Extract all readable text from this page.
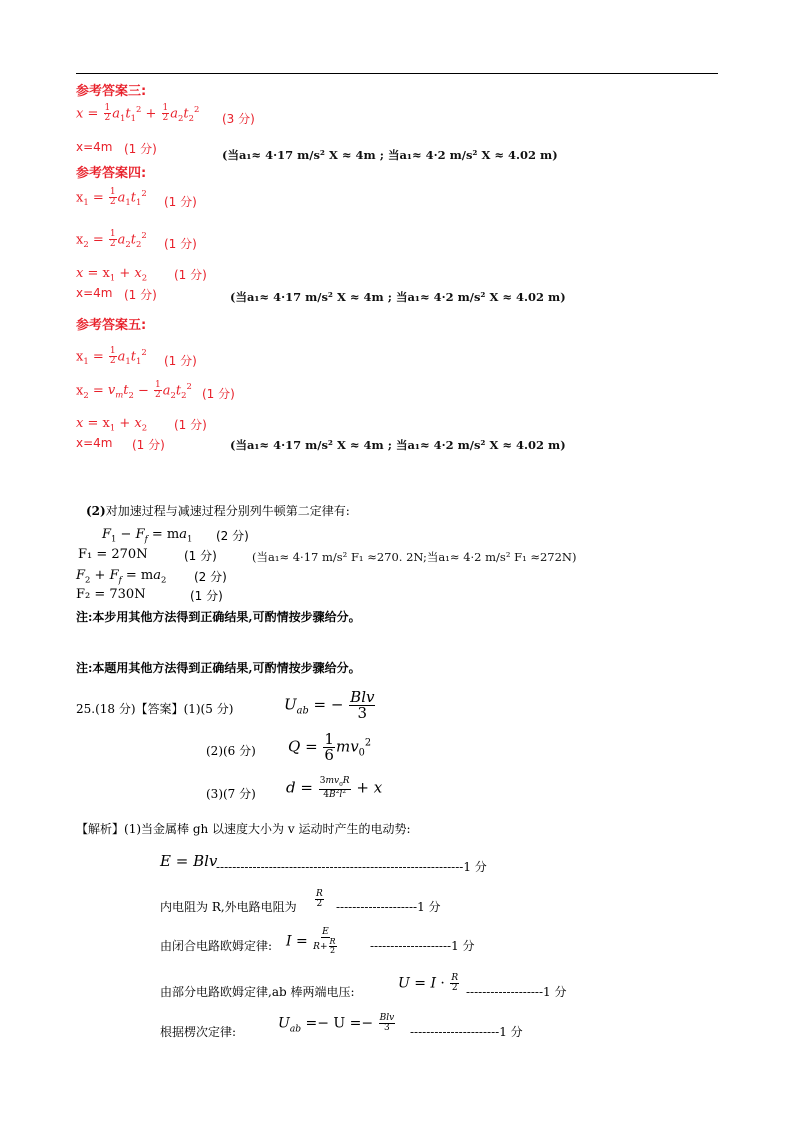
参考答案三:
$x = \frac{1}{2} a_1t_1^2 + \frac{1}{2} a_2t_2^2$
(3 分)
x=4m (1 分)	(当a₁≈ 4·17 m/s² X ≈ 4m ; 当a₁≈ 4·2 m/s² X ≈ 4.02 m)
参考答案四:
$x_1 = \frac{1}{2} a_1t_1^2$
(1 分)
$x_2 = \frac{1}{2} a_2t_2^2$
(1 分)
$x = x_1 + x_2$ (1 分)
x=4m (1 分)	(当a₁≈ 4·17 m/s² X ≈ 4m ; 当a₁≈ 4·2 m/s² X ≈ 4.02 m)
参考答案五:
$x_1 = \frac{1}{2} a_1t_1^2$
(1 分)
$x_2 = v_mt_2 - \frac{1}{2} a_2t_2^2$
(1 分)
$x = x_1 + x_2$ (1 分)
x=4m (1 分)	(当a₁≈ 4·17 m/s² X ≈ 4m ; 当a₁≈ 4·2 m/s² X ≈ 4.02 m)
(2)对加速过程与减速过程分别列牛顿第二定律有:
$F_1 - F_f = ma_1$ (2 分)
F₁ = 270N	(1 分)	(当a₁≈ 4·17 m/s² F₁ ≈270. 2N;当a₁≈ 4·2 m/s² F₁ ≈272N)
$F_2 + F_f = ma_2$ (2 分)
F₂ = 730N	(1 分)
注:本步用其他方法得到正确结果,可酌情按步骤给分。
注:本题用其他方法得到正确结果,可酌情按步骤给分。
25.(18 分)【答案】(1)(5 分)	$U_{ab}$ = − $\frac{\text{Blv}}{3}$
(2)(6 分) $Q = \frac{1}{6} mv_0^2$
(3)(7 分) $d = \frac{3mv_0R}{4B^2l^2} + x$
【解析】(1)当金属棒 gh 以速度大小为 v 运动时产生的电动势:
E = Blv
-------------------------------------------------------------1 分
内电阻为 R,外电路电阻为 $\frac{R}{2} --------------------1$ 分
由闭合电路欧姆定律: $I = \frac{E}{R+ \frac{R}{2}}$	--------------------1 分
由部分电路欧姆定律,ab 棒两端电压:
$U = I \cdot \frac{R}{2} -------------------1$ 分
根据楞次定律:
$U_{ab} =- U =- \frac{\text{Blv}}{3} ----------------------1$ 分
